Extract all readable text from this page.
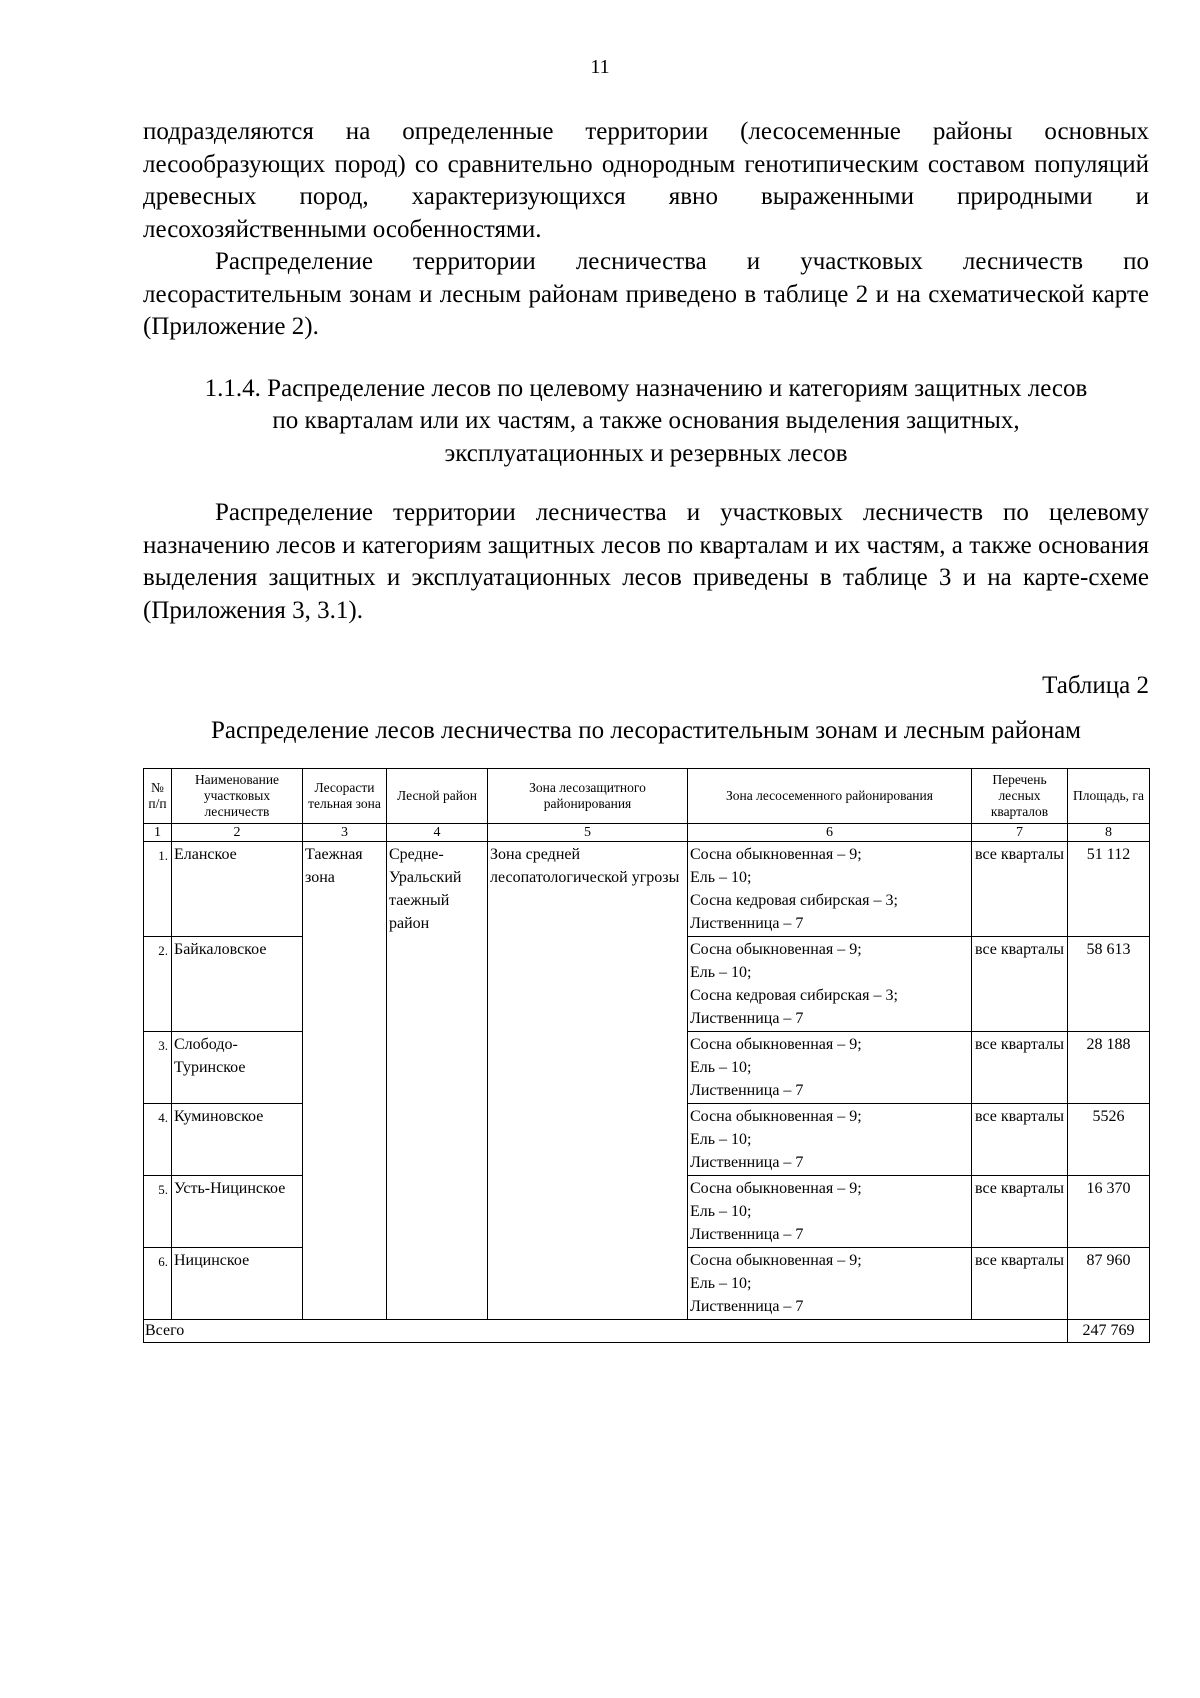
11

подразделяются на определенные территории (лесосеменные районы основных лесообразующих пород) со сравнительно однородным генотипическим составом популяций древесных пород, характеризующихся явно выраженными природными и лесохозяйственными особенностями.

Распределение территории лесничества и участковых лесничеств по лесорастительным зонам и лесным районам приведено в таблице 2 и на схематической карте (Приложение 2).

1.1.4. Распределение лесов по целевому назначению и категориям защитных лесов
по кварталам или их частям, а также основания выделения защитных,
эксплуатационных и резервных лесов

Распределение территории лесничества и участковых лесничеств по целевому назначению лесов и категориям защитных лесов по кварталам и их частям, а также основания выделения защитных и эксплуатационных лесов приведены в таблице 3 и на карте-схеме (Приложения 3, 3.1).

Таблица 2
Распределение лесов лесничества по лесорастительным зонам и лесным районам
№ п/п	Наименование участковых лесничеств	Лесорасти тельная зона	Лесной район	Зона лесозащитного районирования	Зона лесосеменного районирования	Перечень лесных кварталов	Площадь, га
1	2	3	4	5	6	7	8
1.	Еланское	Таежная зона	Средне-Уральский таежный район	Зона средней лесопатологической угрозы	Сосна обыкновенная – 9;
Ель – 10;
Сосна кедровая сибирская – 3;
Лиственница – 7	все кварталы	51 112
2.	Байкаловское				Сосна обыкновенная – 9;
Ель – 10;
Сосна кедровая сибирская – 3;
Лиственница – 7	все кварталы	58 613
3.	Слободо-Туринское				Сосна обыкновенная – 9;
Ель – 10;
Лиственница – 7	все кварталы	28 188
4.	Куминовское				Сосна обыкновенная – 9;
Ель – 10;
Лиственница – 7	все кварталы	5526
5.	Усть-Ницинское				Сосна обыкновенная – 9;
Ель – 10;
Лиственница – 7	все кварталы	16 370
6.	Ницинское				Сосна обыкновенная – 9;
Ель – 10;
Лиственница – 7	все кварталы	87 960
Всего							247 769
